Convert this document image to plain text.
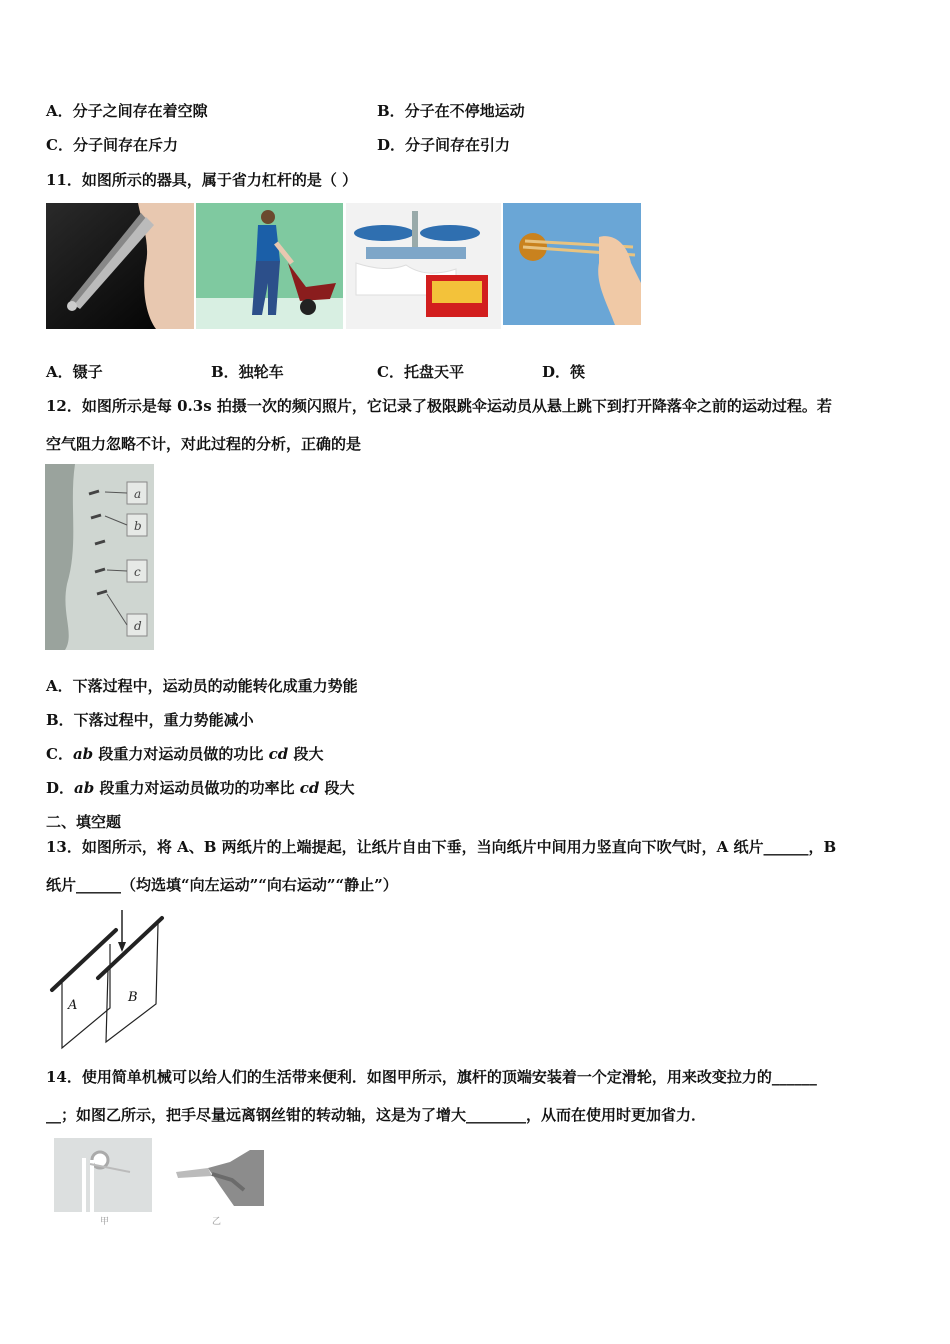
A．分子之间存在着空隙	B．分子在不停地运动
C．分子间存在斥力	D．分子间存在引力
11．如图所示的器具，属于省力杠杆的是（ ）
A．镊子	B．独轮车	C．托盘天平	D．筷
12．如图所示是每 0.3s 拍摄一次的频闪照片，它记录了极限跳伞运动员从悬上跳下到打开降落伞之前的运动过程。若
空气阻力忽略不计，对此过程的分析，正确的是
a
b
c
d
A．下落过程中，运动员的动能转化成重力势能
B．下落过程中，重力势能减小
C．ab 段重力对运动员做的功比 cd 段大
D．ab 段重力对运动员做功的功率比 cd 段大
二、填空题
13．如图所示，将 A、B 两纸片的上端提起，让纸片自由下垂，当向纸片中间用力竖直向下吹气时，A 纸片______，B
纸片______（均选填“向左运动”“向右运动”“静止”）
A
B
14．使用简单机械可以给人们的生活带来便利．如图甲所示，旗杆的顶端安装着一个定滑轮，用来改变拉力的______
__；如图乙所示，把手尽量远离钢丝钳的转动轴，这是为了增大________，从而在使用时更加省力．
甲	乙
